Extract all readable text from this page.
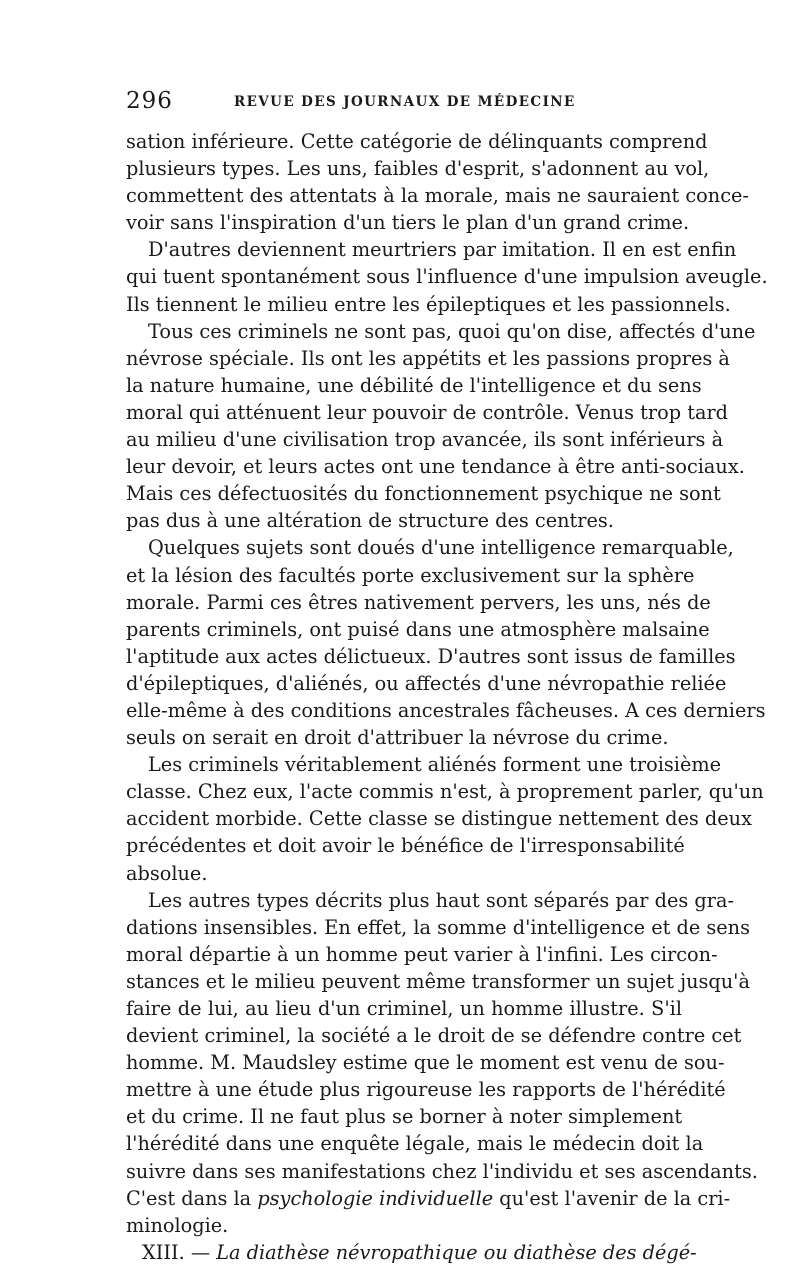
296	REVUE DES JOURNAUX DE MÉDECINE
sation inférieure. Cette catégorie de délinquants comprend
plusieurs types. Les uns, faibles d'esprit, s'adonnent au vol,
commettent des attentats à la morale, mais ne sauraient conce-
voir sans l'inspiration d'un tiers le plan d'un grand crime.
D'autres deviennent meurtriers par imitation. Il en est enfin
qui tuent spontanément sous l'influence d'une impulsion aveugle.
Ils tiennent le milieu entre les épileptiques et les passionnels.
Tous ces criminels ne sont pas, quoi qu'on dise, affectés d'une
névrose spéciale. Ils ont les appétits et les passions propres à
la nature humaine, une débilité de l'intelligence et du sens
moral qui atténuent leur pouvoir de contrôle. Venus trop tard
au milieu d'une civilisation trop avancée, ils sont inférieurs à
leur devoir, et leurs actes ont une tendance à être anti-sociaux.
Mais ces défectuosités du fonctionnement psychique ne sont
pas dus à une altération de structure des centres.
Quelques sujets sont doués d'une intelligence remarquable,
et la lésion des facultés porte exclusivement sur la sphère
morale. Parmi ces êtres nativement pervers, les uns, nés de
parents criminels, ont puisé dans une atmosphère malsaine
l'aptitude aux actes délictueux. D'autres sont issus de familles
d'épileptiques, d'aliénés, ou affectés d'une névropathie reliée
elle-même à des conditions ancestrales fâcheuses. A ces derniers
seuls on serait en droit d'attribuer la névrose du crime.
Les criminels véritablement aliénés forment une troisième
classe. Chez eux, l'acte commis n'est, à proprement parler, qu'un
accident morbide. Cette classe se distingue nettement des deux
précédentes et doit avoir le bénéfice de l'irresponsabilité
absolue.
Les autres types décrits plus haut sont séparés par des gra-
dations insensibles. En effet, la somme d'intelligence et de sens
moral départie à un homme peut varier à l'infini. Les circon-
stances et le milieu peuvent même transformer un sujet jusqu'à
faire de lui, au lieu d'un criminel, un homme illustre. S'il
devient criminel, la société a le droit de se défendre contre cet
homme. M. Maudsley estime que le moment est venu de sou-
mettre à une étude plus rigoureuse les rapports de l'hérédité
et du crime. Il ne faut plus se borner à noter simplement
l'hérédité dans une enquête légale, mais le médecin doit la
suivre dans ses manifestations chez l'individu et ses ascendants.
C'est dans la psychologie individuelle qu'est l'avenir de la cri-
minologie.
XIII. — La diathèse névropathique ou diathèse des dégé-
